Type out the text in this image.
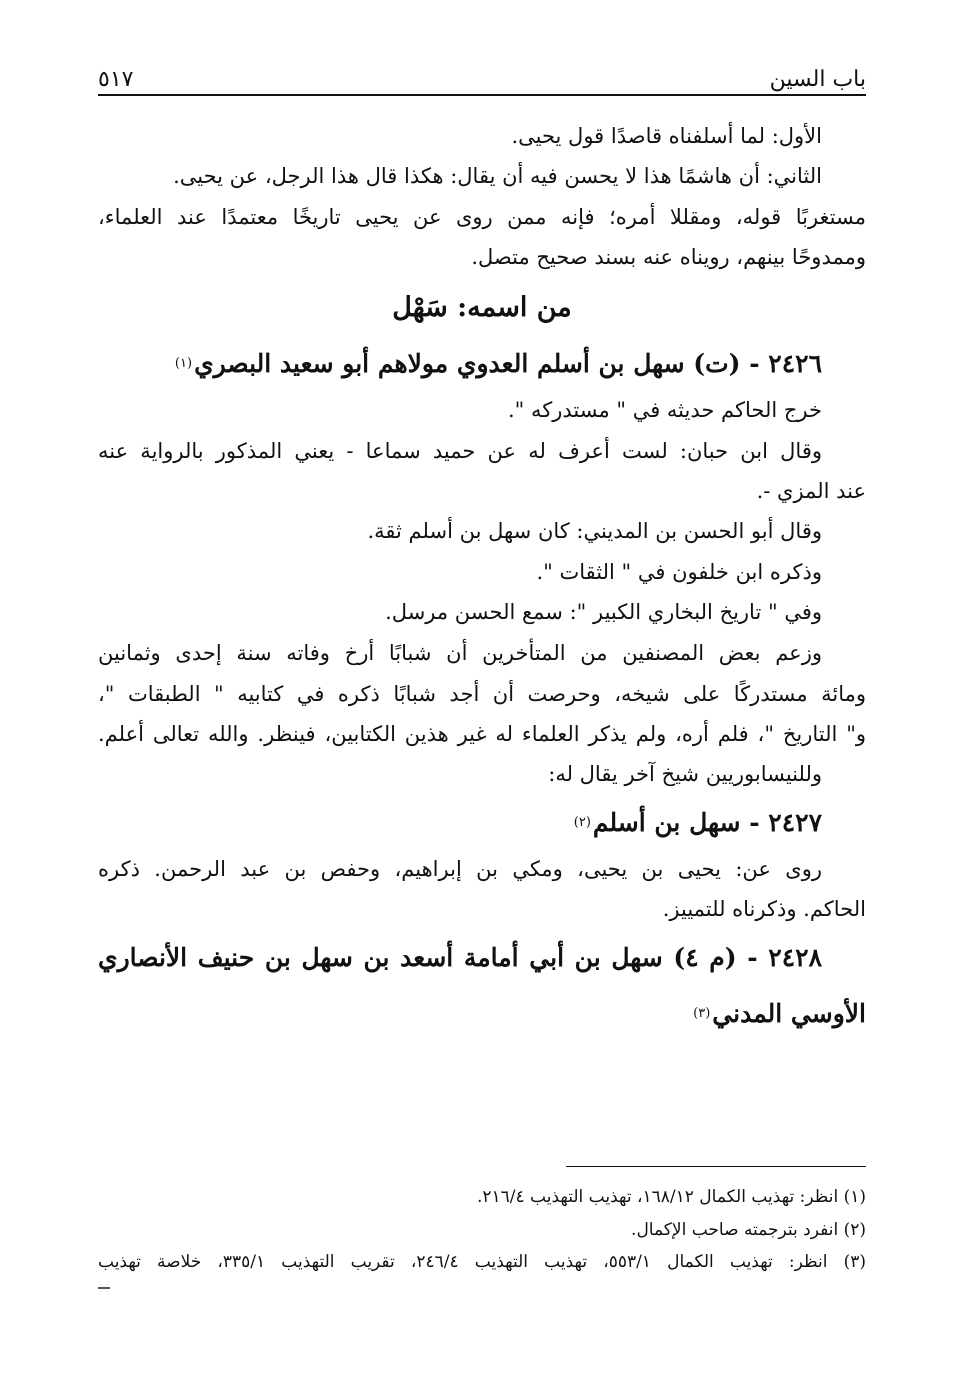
باب السين
٥١٧
الأول: لما أسلفناه قاصدًا قول يحيى.
الثاني: أن هاشمًا هذا لا يحسن فيه أن يقال: هكذا قال هذا الرجل، عن يحيى.
مستغربًا قوله، ومقللا أمره؛ فإنه ممن روى عن يحيى تاريخًا معتمدًا عند العلماء،
وممدوحًا بينهم، رويناه عنه بسند صحيح متصل.
من اسمه: سَهْل
٢٤٢٦ - (ت) سهل بن أسلم العدوي مولاهم أبو سعيد البصري
(١)
خرج الحاكم حديثه في " مستدركه ".
وقال ابن حبان: لست أعرف له عن حميد سماعا - يعني المذكور بالرواية عنه
عند المزي -.
وقال أبو الحسن بن المديني: كان سهل بن أسلم ثقة.
وذكره ابن خلفون في " الثقات ".
وفي " تاريخ البخاري الكبير ": سمع الحسن مرسل.
وزعم بعض المصنفين من المتأخرين أن شبابًا أرخ وفاته سنة إحدى وثمانين
ومائة مستدركًا على شيخه، وحرصت أن أجد شبابًا ذكره في كتابيه " الطبقات "،
و" التاريخ "، فلم أره، ولم يذكر العلماء له غير هذين الكتابين، فينظر. والله تعالى أعلم.
وللنيسابوريين شيخ آخر يقال له:
٢٤٢٧ - سهل بن أسلم
(٢)
روى عن: يحيى بن يحيى، ومكي بن إبراهيم، وحفص بن عبد الرحمن. ذكره
الحاكم. وذكرناه للتمييز.
٢٤٢٨ - (م ٤) سهل بن أبي أمامة أسعد بن سهل بن حنيف الأنصاري
الأوسي المدني
(٣)
(١) انظر: تهذيب الكمال ١٦٨/١٢، تهذيب التهذيب ٢١٦/٤.
(٢) انفرد بترجمته صاحب الإكمال.
(٣) انظر: تهذيب الكمال ٥٥٣/١، تهذيب التهذيب ٢٤٦/٤، تقريب التهذيب ٣٣٥/١، خلاصة تهذيب
